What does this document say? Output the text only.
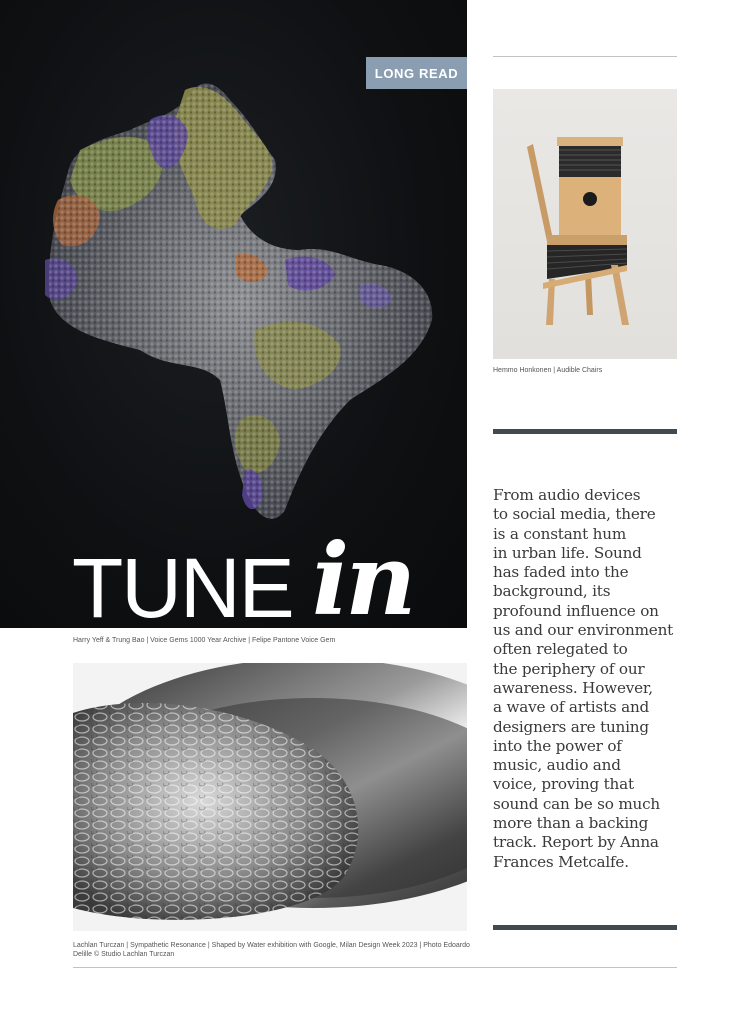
LONG READ
TUNE in
Harry Yeff & Trung Bao | Voice Gems 1000 Year Archive | Felipe Pantone Voice Gem
Hemmo Honkonen | Audible Chairs
From audio devices
to social media, there
is a constant hum
in urban life. Sound
has faded into the
background, its
profound influence on
us and our environment
often relegated to
the periphery of our
awareness. However,
a wave of artists and
designers are tuning
into the power of
music, audio and
voice, proving that
sound can be so much
more than a backing
track. Report by Anna
Frances Metcalfe.
Lachlan Turczan | Sympathetic Resonance | Shaped by Water exhibition with Google, Milan Design Week 2023 | Photo Edoardo
Delille © Studio Lachlan Turczan
